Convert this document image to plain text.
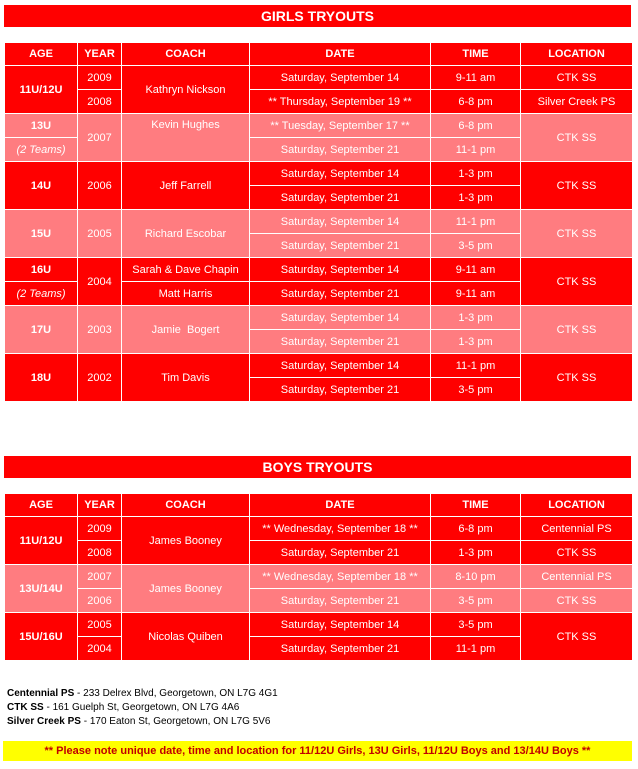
GIRLS TRYOUTS
AGE	YEAR	COACH	DATE	TIME	LOCATION
11U/12U	2009	Kathryn Nickson	Saturday, September 14	9-11 am	CTK SS
	2008		** Thursday, September 19 **	6-8 pm	Silver Creek PS
13U	2007	Kevin Hughes	** Tuesday, September 17 **	6-8 pm	CTK SS
(2 Teams)			Saturday, September 21	11-1 pm	
14U	2006	Jeff Farrell	Saturday, September 14	1-3 pm	CTK SS
			Saturday, September 21	1-3 pm	
15U	2005	Richard Escobar	Saturday, September 14	11-1 pm	CTK SS
			Saturday, September 21	3-5 pm	
16U	2004	Sarah & Dave Chapin	Saturday, September 14	9-11 am	CTK SS
(2 Teams)		Matt Harris	Saturday, September 21	9-11 am	
17U	2003	Jamie  Bogert	Saturday, September 14	1-3 pm	CTK SS
			Saturday, September 21	1-3 pm	
18U	2002	Tim Davis	Saturday, September 14	11-1 pm	CTK SS
			Saturday, September 21	3-5 pm	
BOYS TRYOUTS
AGE	YEAR	COACH	DATE	TIME	LOCATION
11U/12U	2009	James Booney	** Wednesday, September 18 **	6-8 pm	Centennial PS
	2008		Saturday, September 21	1-3 pm	CTK SS
13U/14U	2007	James Booney	** Wednesday, September 18 **	8-10 pm	Centennial PS
	2006		Saturday, September 21	3-5 pm	CTK SS
15U/16U	2005	Nicolas Quiben	Saturday, September 14	3-5 pm	CTK SS
	2004		Saturday, September 21	11-1 pm	
Centennial PS - 233 Delrex Blvd, Georgetown, ON L7G 4G1
CTK SS - 161 Guelph St, Georgetown, ON L7G 4A6
Silver Creek PS - 170 Eaton St, Georgetown, ON L7G 5V6
** Please note unique date, time and location for 11/12U Girls, 13U Girls, 11/12U Boys and 13/14U Boys **
